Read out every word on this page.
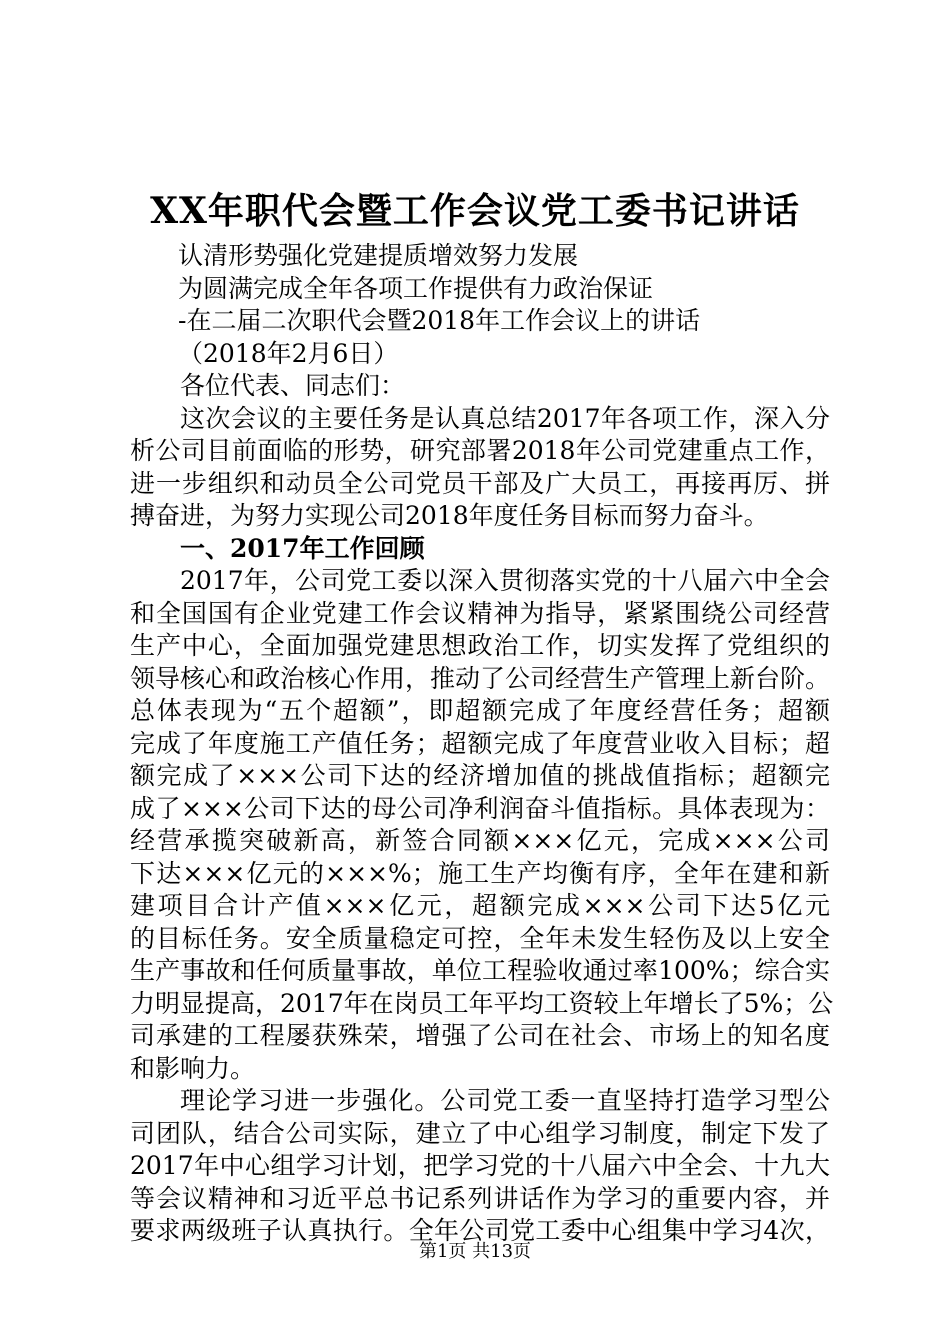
XX年职代会暨工作会议党工委书记讲话
认清形势强化党建提质增效努力发展
为圆满完成全年各项工作提供有力政治保证
-在二届二次职代会暨2018年工作会议上的讲话
（2018年2月6日）
各位代表、同志们：
这次会议的主要任务是认真总结2017年各项工作，深入分
析公司目前面临的形势，研究部署2018年公司党建重点工作，
进一步组织和动员全公司党员干部及广大员工，再接再厉、拼
搏奋进，为努力实现公司2018年度任务目标而努力奋斗。
一、2017年工作回顾
2017年，公司党工委以深入贯彻落实党的十八届六中全会
和全国国有企业党建工作会议精神为指导，紧紧围绕公司经营
生产中心，全面加强党建思想政治工作，切实发挥了党组织的
领导核心和政治核心作用，推动了公司经营生产管理上新台阶。
总体表现为“五个超额”，即超额完成了年度经营任务；超额
完成了年度施工产值任务；超额完成了年度营业收入目标；超
额完成了×××公司下达的经济增加值的挑战值指标；超额完
成了×××公司下达的母公司净利润奋斗值指标。具体表现为：
经营承揽突破新高，新签合同额×××亿元，完成×××公司
下达×××亿元的×××%；施工生产均衡有序，全年在建和新
建项目合计产值×××亿元，超额完成×××公司下达5亿元
的目标任务。安全质量稳定可控，全年未发生轻伤及以上安全
生产事故和任何质量事故，单位工程验收通过率100%；综合实
力明显提高，2017年在岗员工年平均工资较上年增长了5%；公
司承建的工程屡获殊荣，增强了公司在社会、市场上的知名度
和影响力。
理论学习进一步强化。公司党工委一直坚持打造学习型公
司团队，结合公司实际，建立了中心组学习制度，制定下发了
2017年中心组学习计划，把学习党的十八届六中全会、十九大
等会议精神和习近平总书记系列讲话作为学习的重要内容，并
要求两级班子认真执行。全年公司党工委中心组集中学习4次，
第1页 共13页
